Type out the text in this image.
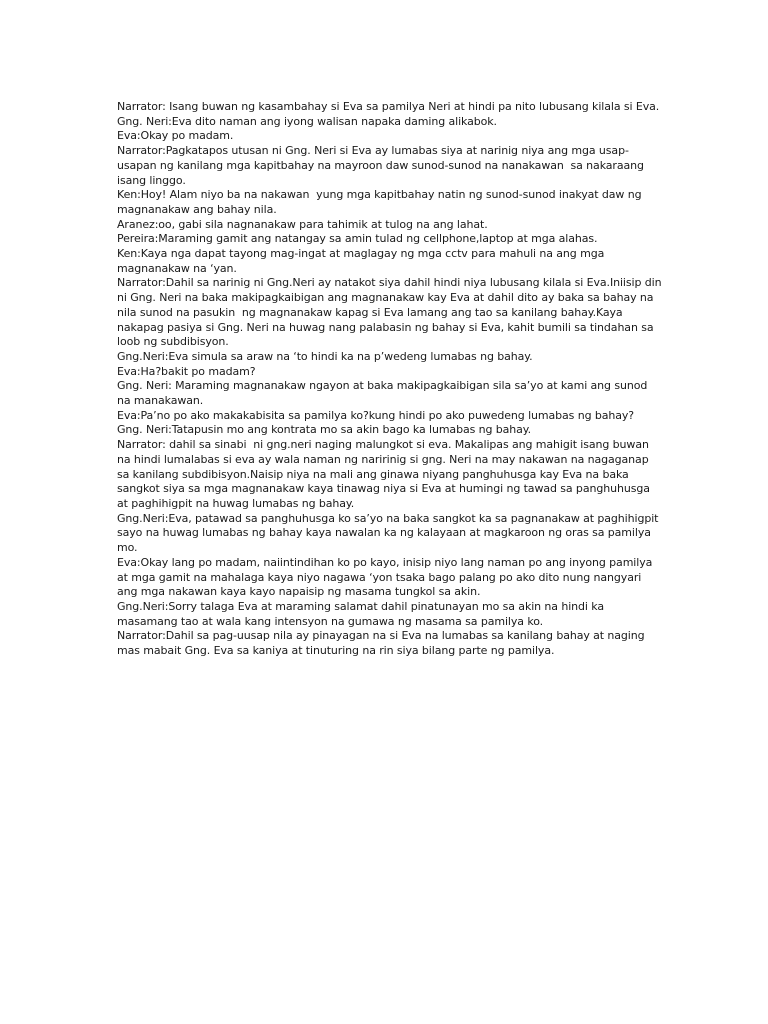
Narrator: Isang buwan ng kasambahay si Eva sa pamilya Neri at hindi pa nito lubusang kilala si Eva.

Gng. Neri:Eva dito naman ang iyong walisan napaka daming alikabok.

Eva:Okay po madam.

Narrator:Pagkatapos utusan ni Gng. Neri si Eva ay lumabas siya at narinig niya ang mga usap-usapan ng kanilang mga kapitbahay na mayroon daw sunod-sunod na nanakawan  sa nakaraang isang linggo.

Ken:Hoy! Alam niyo ba na nakawan  yung mga kapitbahay natin ng sunod-sunod inakyat daw ng magnanakaw ang bahay nila.

Aranez:oo, gabi sila nagnanakaw para tahimik at tulog na ang lahat.

Pereira:Maraming gamit ang natangay sa amin tulad ng cellphone,laptop at mga alahas.

Ken:Kaya nga dapat tayong mag-ingat at maglagay ng mga cctv para mahuli na ang mga magnanakaw na ‘yan.

Narrator:Dahil sa narinig ni Gng.Neri ay natakot siya dahil hindi niya lubusang kilala si Eva.Iniisip din ni Gng. Neri na baka makipagkaibigan ang magnanakaw kay Eva at dahil dito ay baka sa bahay na nila sunod na pasukin  ng magnanakaw kapag si Eva lamang ang tao sa kanilang bahay.Kaya nakapag pasiya si Gng. Neri na huwag nang palabasin ng bahay si Eva, kahit bumili sa tindahan sa loob ng subdibisyon.

Gng.Neri:Eva simula sa araw na ‘to hindi ka na p’wedeng lumabas ng bahay.

Eva:Ha?bakit po madam?

Gng. Neri: Maraming magnanakaw ngayon at baka makipagkaibigan sila sa’yo at kami ang sunod na manakawan.

Eva:Pa’no po ako makakabisita sa pamilya ko?kung hindi po ako puwedeng lumabas ng bahay?

Gng. Neri:Tatapusin mo ang kontrata mo sa akin bago ka lumabas ng bahay.

Narrator: dahil sa sinabi  ni gng.neri naging malungkot si eva. Makalipas ang mahigit isang buwan na hindi lumalabas si eva ay wala naman ng naririnig si gng. Neri na may nakawan na nagaganap sa kanilang subdibisyon.Naisip niya na mali ang ginawa niyang panghuhusga kay Eva na baka sangkot siya sa mga magnanakaw kaya tinawag niya si Eva at humingi ng tawad sa panghuhusga at paghihigpit na huwag lumabas ng bahay.

Gng.Neri:Eva, patawad sa panghuhusga ko sa’yo na baka sangkot ka sa pagnanakaw at paghihigpit sayo na huwag lumabas ng bahay kaya nawalan ka ng kalayaan at magkaroon ng oras sa pamilya mo.

Eva:Okay lang po madam, naiintindihan ko po kayo, inisip niyo lang naman po ang inyong pamilya at mga gamit na mahalaga kaya niyo nagawa ‘yon tsaka bago palang po ako dito nung nangyari ang mga nakawan kaya kayo napaisip ng masama tungkol sa akin.

Gng.Neri:Sorry talaga Eva at maraming salamat dahil pinatunayan mo sa akin na hindi ka masamang tao at wala kang intensyon na gumawa ng masama sa pamilya ko.

Narrator:Dahil sa pag-uusap nila ay pinayagan na si Eva na lumabas sa kanilang bahay at naging mas mabait Gng. Eva sa kaniya at tinuturing na rin siya bilang parte ng pamilya.
